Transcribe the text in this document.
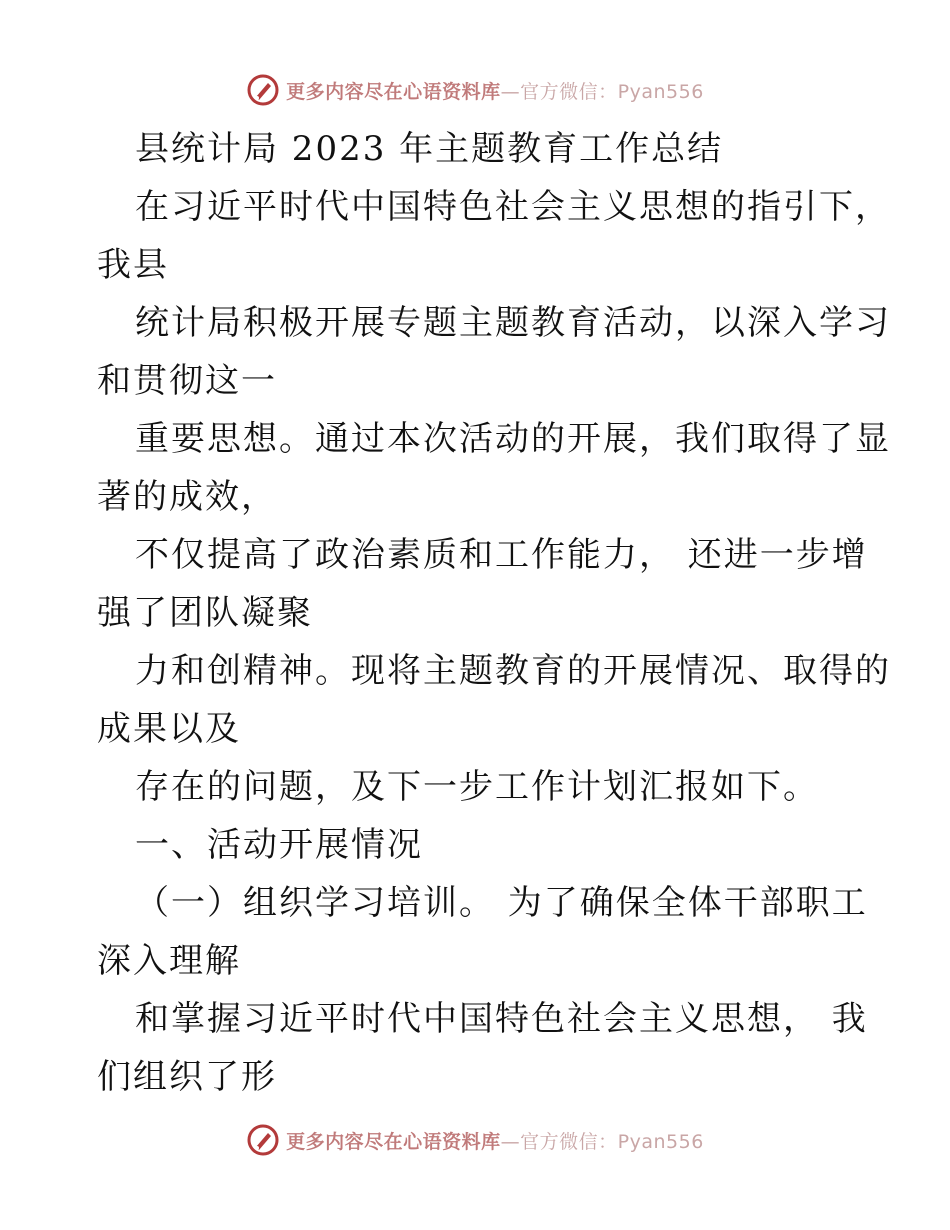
更多内容尽在心语资料库—官方微信：Pyan556
县统计局 2023 年主题教育工作总结
在习近平时代中国特色社会主义思想的指引下，
我县
统计局积极开展专题主题教育活动，以深入学习
和贯彻这一
重要思想。通过本次活动的开展，我们取得了显
著的成效，
不仅提高了政治素质和工作能力， 还进一步增
强了团队凝聚
力和创精神。现将主题教育的开展情况、取得的
成果以及
存在的问题，及下一步工作计划汇报如下。
一、活动开展情况
（一）组织学习培训。 为了确保全体干部职工
深入理解
和掌握习近平时代中国特色社会主义思想， 我
们组织了形
更多内容尽在心语资料库—官方微信：Pyan556
